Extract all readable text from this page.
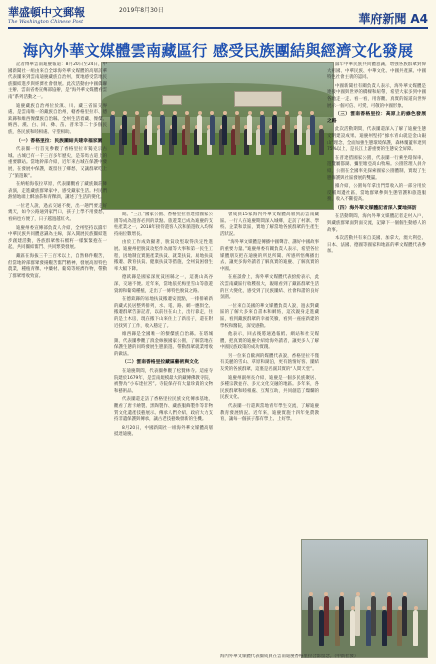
華盛頓中文郵報	2019年8月30日
The Washington Chinese Post	華府新聞 A4
海內外華文媒體雲南藏區行 感受民族團結與經濟文化發展

記者傅華雲南迪慶報道：8月20日至24日，中國新聞社一組由來自全球海外華文媒體的高層訪華代表團來到雲南迪慶藏族自治州，實地感受當地民族團結進步與經濟社會發展。此次活動由中國僑聯主辦、雲南省委宣傳部協辦，是“海外華文媒體看雲南”系列活動之一。

迪慶藏族自治州位於滇、川、藏三省區交界處，是雲南唯一的藏族自治州，轄香格里拉市、德欽縣和維西傈僳族自治縣。全州生活着藏、傈僳、納西、漢、白、回、彝、苗、普米等二十多個民族，各民族和睦相處、守望相助。

（一）香格里拉：民族團結共建幸福家園

代表團一行首先參觀了香格里拉市獨克宗古城。古城已有一千三百多年歷史，是茶馬古道上的重要驛站。當地幹部介紹，近年來古城在保護中發展，在發展中保護，既留住了鄉愁，又讓群眾吃上了“旅遊飯”。

在納帕海依拉草原，代表團觀看了藏族鍋莊舞表演，走進藏族群眾家中，感受藏家生活。村民們熱情地端上酥油茶和青稞酒，講述了生活的變化。

一位老人說，過去交通不便，出一趟門要走好幾天，如今公路通到家門口，孩子上學不用發愁，看病也方便了，日子越過越紅火。

迪慶州委宣傳部負責人介紹，全州堅持以鑄牢中華民族共同體意識為主線，深入開展民族團結進步創建活動，各族群眾像石榴籽一樣緊緊抱在一起，共同團結奮鬥、共同繁榮發展。

藏區在海拔三千三百米以上，自然條件艱苦，但當地幹部群眾發揚艱苦奮鬥精神，發展高原特色農業，種植青稞、中藥材、葡萄等經濟作物，帶動了群眾增收致富。

期。“三江”國家公園、香格里拉普達措國家公園等成為遊客必到的景點。旅遊業已成為迪慶的支柱產業之一，2018年接待遊客人次和旅遊收入均保持兩位數增長。

由於工作成效顯著，脫貧攻堅取得決定性進展。迪慶州把脫貧攻堅作為頭等大事和第一民生工程，因地制宜實施產業扶貧、就業扶貧、易地扶貧搬遷、教育扶貧、健康扶貧等措施，全州貧困發生率大幅下降。

德欽縣是國家深度貧困縣之一，這裏山高谷深，交通不便。近年來，當地依托梅里雪山等旅遊資源和葡萄種植，走出了一條特色脫貧之路。

在德欽縣的易地扶貧搬遷安置點，一排排嶄新的藏式民居整齊排列，水、電、路、網一應俱全。搬遷群眾告訴記者，以前住在山上，出行靠走，住的是土木房，現在搬下山來住上了新房子，還在附近找到了工作，收入穩定了。

維西縣是全國唯一的傈僳族自治縣。在塔城鎮，代表團參觀了滇金絲猴國家公園，了解當地在保護生態的同時發展生態旅遊、帶動群眾就業增收的做法。

（二）雲南香格里拉藏區藝術與文化

在迪慶期間，代表團參觀了松贊林寺。這座寺院建於1679年，是雲南規模最大的藏傳佛教寺院，被譽為“小布達拉宮”。寺院保存有大量珍貴的文物和藝術品。

代表團還走訪了香格里拉民族文化傳承基地，觀看了唐卡繪製、黑陶製作、藏族服飾製作等非物質文化遺產技藝展示。傳承人們介紹，政府大力支持非遺保護與傳承，讓古老技藝煥發新的生機。

8月20日，中國新聞社一組海外華文媒體高層抵達迪慶。

會成員15家海內外華文媒體高層到訪雲南藏區。一行人在迪慶期間深入城鄉，走訪了村寨、學校、企業和景區，實地了解當地各族群眾的生產生活狀況。

“海外華文媒體是傳播中國聲音、講好中國故事的重要力量。”迪慶州委有關負責人表示，希望各位媒體朋友把在迪慶的所見所聞、所感所悟傳播出去，讓更多海外讀者了解真實的迪慶、了解真實的中國。

在座談會上，海外華文媒體代表紛紛表示，此次雲南藏區行收穫很大，親眼看到了藏區群眾生活的巨大變化，感受到了民族團結、社會和諧的良好氛圍。

一位來自美國的華文媒體負責人說，過去對藏區的了解大多來自書本和網絡，這次親身走進藏區，看到藏族群眾的幸福笑臉，看到一座座新建的學校和醫院，深受感動。

他表示，回去後將通過報紙、網站和社交媒體，把真實的迪慶介紹給海外讀者，讓更多人了解中國民族政策的成功實踐。

另一位來自歐洲的媒體代表說，香格里拉不僅有美麗的雪山、草原和湖泊，更有熱情好客、團結友愛的各族群眾，這裏是名副其實的“人間天堂”。

迪慶州副州長介紹，迪慶是一個多民族聚居、多種宗教並存、多元文化交融的地區。多年來，各民族群眾和睦相處、互幫互助，共同創造了燦爛的民族文化。

代表團一行還與當地青年學生交流，了解迪慶教育發展情況。近年來，迪慶實施十四年免費教育，讓每一個孩子都有學上、上好學。

鑄牢中華民族共同體意識，增強各族群眾對偉大祖國、中華民族、中華文化、中國共產黨、中國特色社會主義的認同。

中國新聞社有關負責人表示，海外華文媒體是連接中國與世界的橋樑和紐帶，希望大家多到中國各地走一走、看一看，用客觀、真實的報道向世界展示一個可信、可愛、可敬的中國形象。

（三）雲南香格里拉：高原上的綠色發展之路

此次活動期間，代表團還深入了解了迪慶生態文明建設成果。迪慶州堅持“綠水青山就是金山銀山”理念，全面加強生態環境保護，森林覆蓋率達到75%以上，是長江上游重要的生態安全屏障。

在普達措國家公園，代表團一行乘坐環保車，遊覽屬都湖、彌里塘亞高山牧場。公園管理人員介紹，公園在全國率先探索國家公園體制，實現了生態保護與社區發展的雙贏。

據介紹，公園每年拿出門票收入的一部分用於反哺周邊社區，當地群眾參與生態管護和旅遊服務，收入不斷提高。

（四）海外華文媒體記者深入實地採訪

在活動期間，海內外華文媒體記者走村入戶，與藏族群眾面對面交流，記錄下一個個生動感人的故事。

本次活動共有來自美國、加拿大、澳大利亞、日本、法國、德國等國家和地區的華文媒體代表參加。

海內外華文媒體代表團成員在雲南迪慶香格里拉合影留念。（中新社發）
